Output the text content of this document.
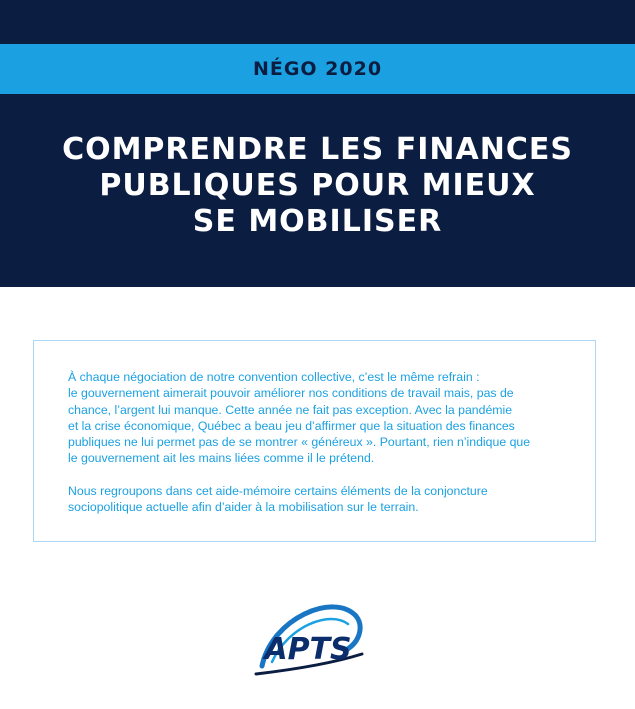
NÉGO 2020
COMPRENDRE LES FINANCES
PUBLIQUES POUR MIEUX
SE MOBILISER

À chaque négociation de notre convention collective, c’est le même refrain :
le gouvernement aimerait pouvoir améliorer nos conditions de travail mais, pas de
chance, l’argent lui manque. Cette année ne fait pas exception. Avec la pandémie
et la crise économique, Québec a beau jeu d’affirmer que la situation des finances
publiques ne lui permet pas de se montrer « généreux ». Pourtant, rien n’indique que
le gouvernement ait les mains liées comme il le prétend.

Nous regroupons dans cet aide-mémoire certains éléments de la conjoncture
sociopolitique actuelle afin d’aider à la mobilisation sur le terrain.

APTS
